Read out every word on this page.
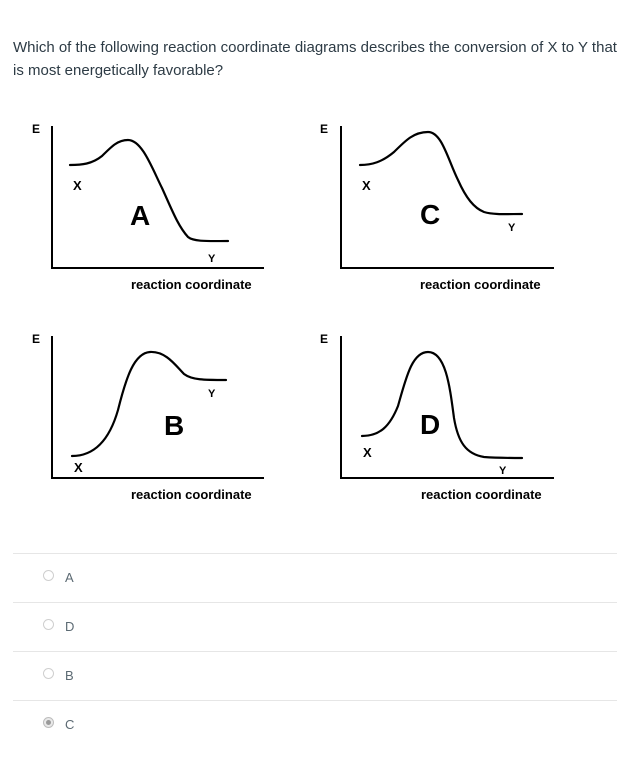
Which of the following reaction coordinate diagrams describes the conversion of X to Y that is most energetically favorable?
E
X
A
Y
reaction coordinate
E
X
C	Y
reaction coordinate
E
X
B
Y
reaction coordinate
E
X
D
Y
reaction coordinate
A
D
B
C
